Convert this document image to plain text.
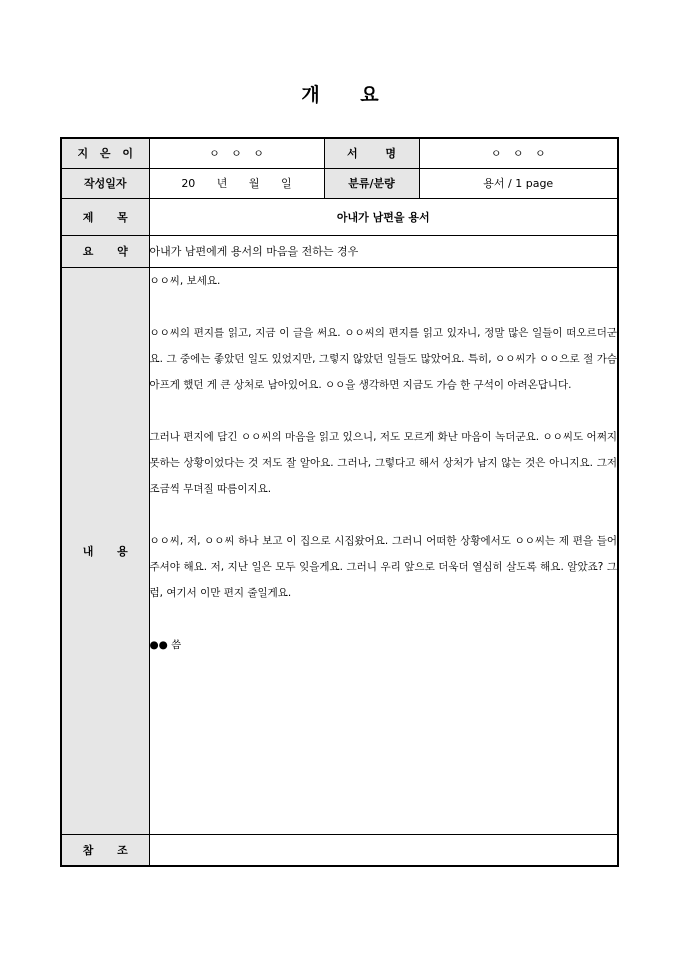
개 요
지 은 이	ㅇ ㅇ ㅇ	서 명	ㅇ ㅇ ㅇ
작성일자	20 년 월 일	분류/분량	용서 / 1 page
제 목	아내가 남편을 용서		
요 약	아내가 남편에게 용서의 마음을 전하는 경우		
내 용	ㅇㅇ씨, 보세요.

ㅇㅇ씨의 편지를 읽고, 지금 이 글을 써요. ㅇㅇ씨의 편지를 읽고 있자니, 정말 많은 일들이 떠오르더군요. 그 중에는 좋았던 일도 있었지만, 그렇지 않았던 일들도 많았어요. 특히, ㅇㅇ씨가 ㅇㅇ으로 절 가슴 아프게 했던 게 큰 상처로 남아있어요. ㅇㅇ을 생각하면 지금도 가슴 한 구석이 아려온답니다.

그러나 편지에 담긴 ㅇㅇ씨의 마음을 읽고 있으니, 저도 모르게 화난 마음이 녹더군요. ㅇㅇ씨도 어쩌지 못하는 상황이었다는 것 저도 잘 알아요. 그러나, 그렇다고 해서 상처가 남지 않는 것은 아니지요. 그저 조금씩 무뎌질 따름이지요.

ㅇㅇ씨, 저, ㅇㅇ씨 하나 보고 이 집으로 시집왔어요. 그러니 어떠한 상황에서도 ㅇㅇ씨는 제 편을 들어주셔야 해요. 저, 지난 일은 모두 잊을게요. 그러니 우리 앞으로 더욱더 열심히 살도록 해요. 알았죠? 그럼, 여기서 이만 편지 줄일게요.

●● 씀		

참 조			
